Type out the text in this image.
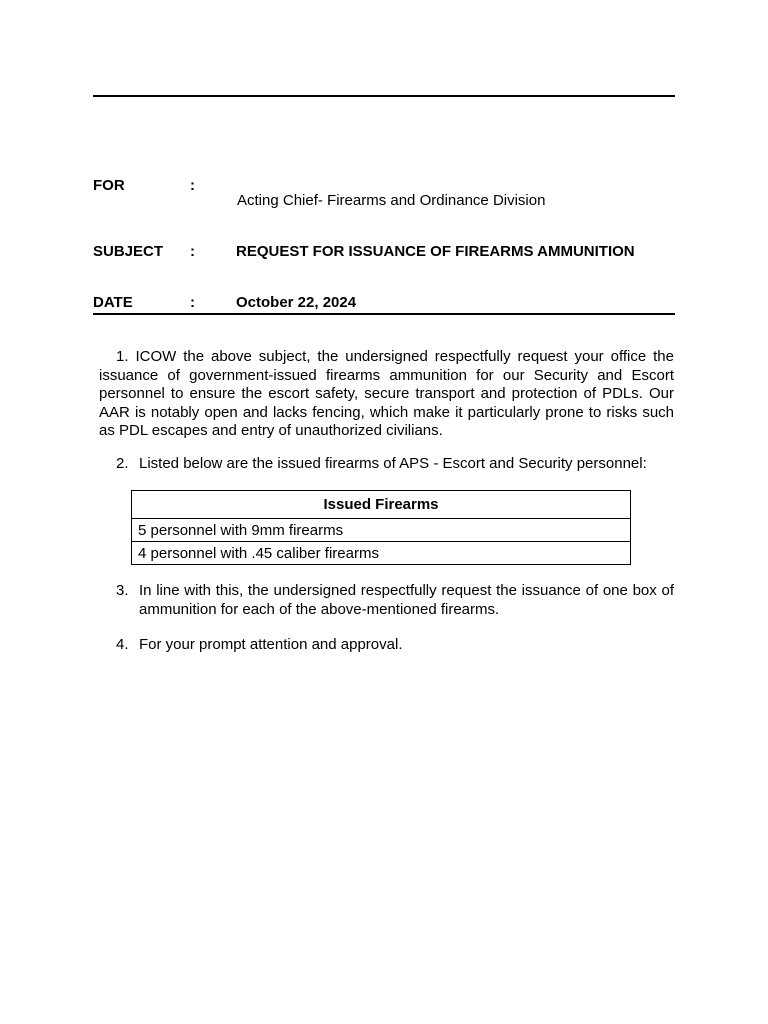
FOR	:
Acting Chief- Firearms and Ordinance Division
SUBJECT :	REQUEST FOR ISSUANCE OF FIREARMS AMMUNITION
DATE	:	October 22, 2024
1. ICOW the above subject, the undersigned respectfully request your office the issuance of government-issued firearms ammunition for our Security and Escort personnel to ensure the escort safety, secure transport and protection of PDLs. Our AAR is notably open and lacks fencing, which make it particularly prone to risks such as PDL escapes and entry of unauthorized civilians.
2. Listed below are the issued firearms of APS - Escort and Security personnel:
Issued Firearms
5 personnel with 9mm firearms
4 personnel with .45 caliber firearms
3. In line with this, the undersigned respectfully request the issuance of one box of ammunition for each of the above-mentioned firearms.
4. For your prompt attention and approval.
